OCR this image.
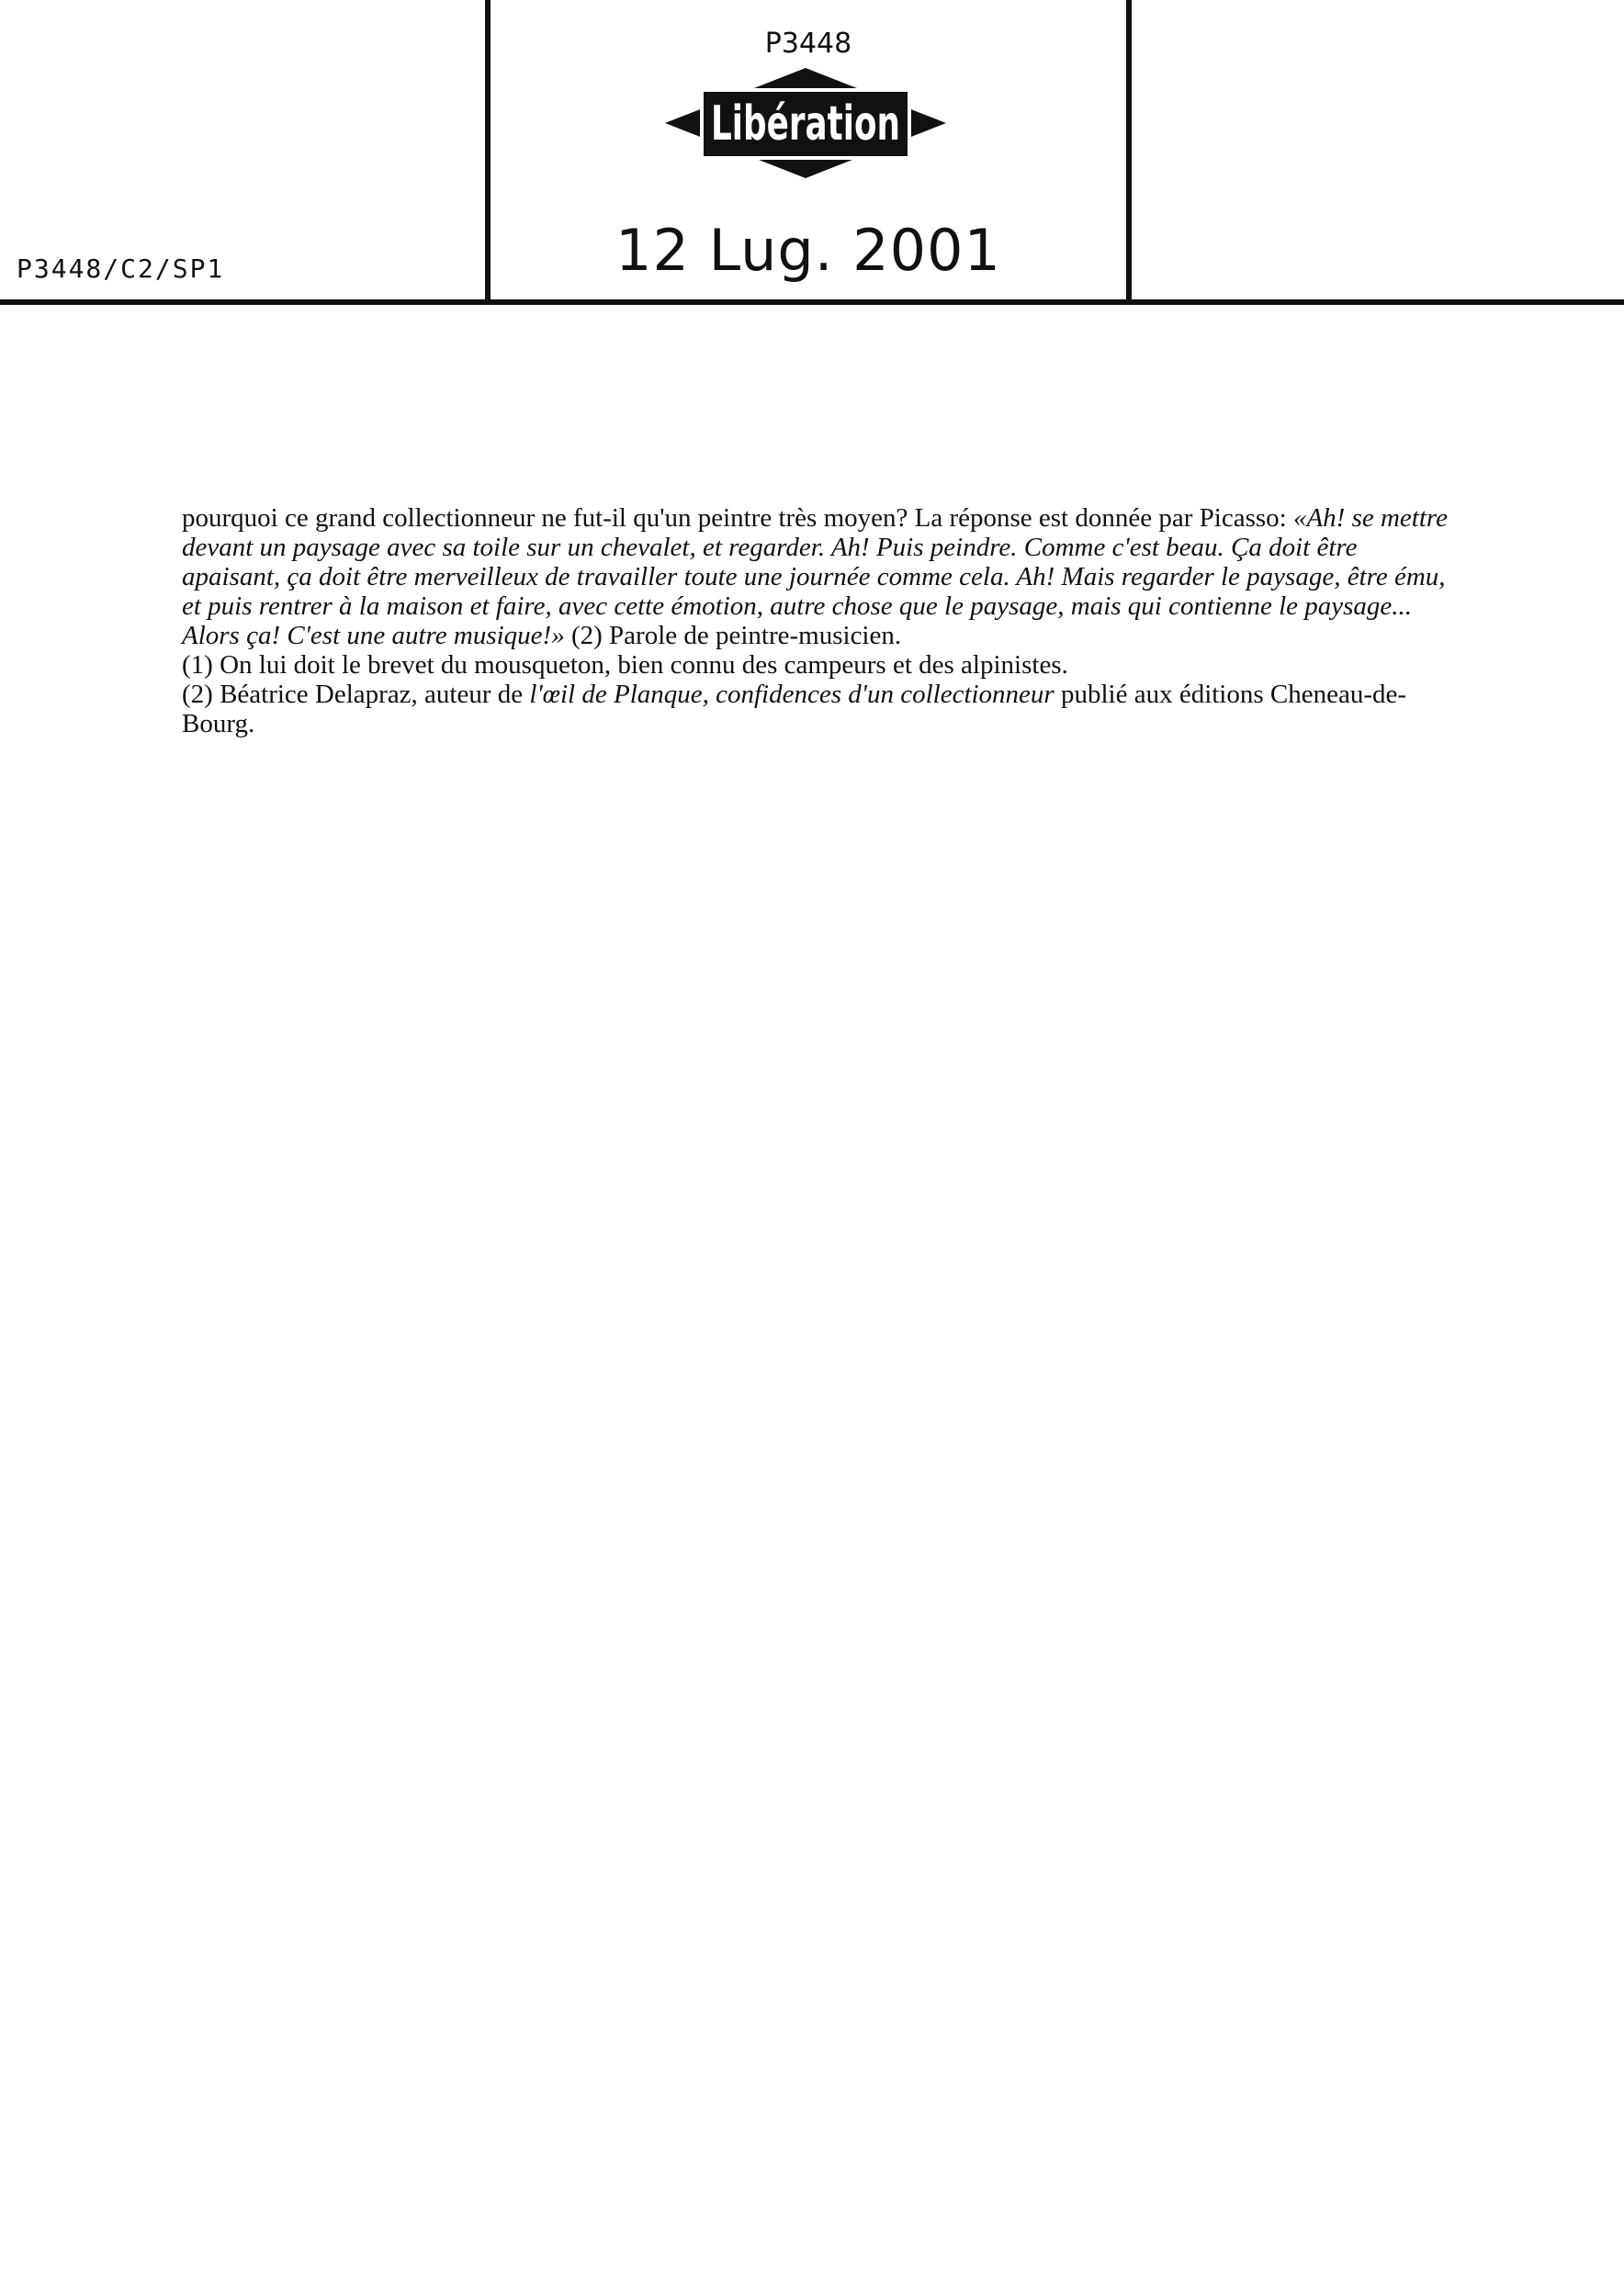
P3448/C2/SP1
P3448
Libération
12 Lug. 2001

pourquoi ce grand collectionneur ne fut-il qu'un peintre très moyen? La réponse est donnée par Picasso: «Ah! se mettre devant un paysage avec sa toile sur un chevalet, et regarder. Ah! Puis peindre. Comme c'est beau. Ça doit être apaisant, ça doit être merveilleux de travailler toute une journée comme cela. Ah! Mais regarder le paysage, être ému, et puis rentrer à la maison et faire, avec cette émotion, autre chose que le paysage, mais qui contienne le paysage... Alors ça! C'est une autre musique!» (2) Parole de peintre-musicien.

(1) On lui doit le brevet du mousqueton, bien connu des campeurs et des alpinistes.

(2) Béatrice Delapraz, auteur de l'œil de Planque, confidences d'un collectionneur publié aux éditions Cheneau-de-Bourg.
